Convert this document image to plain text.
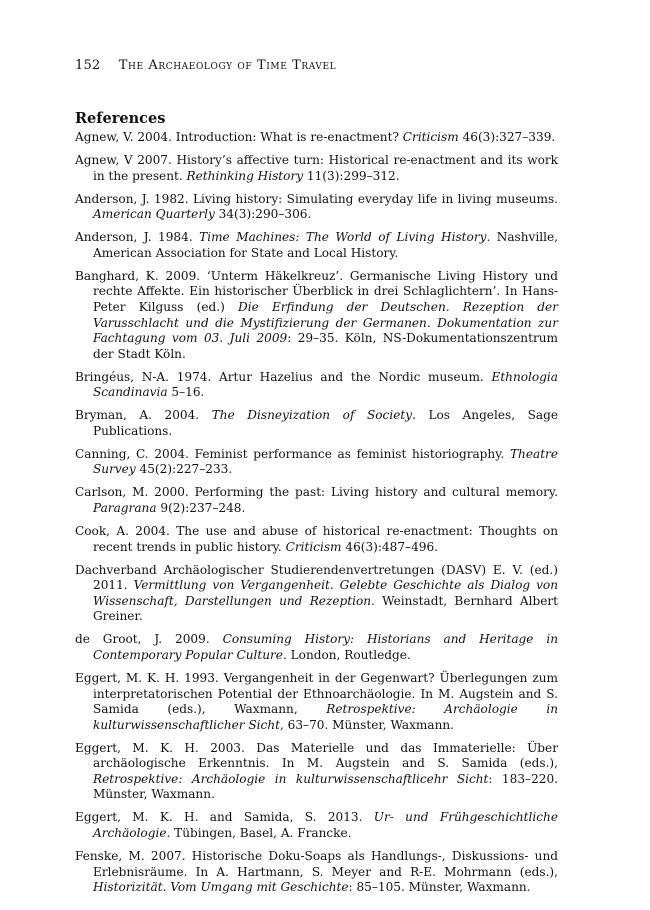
152 The Archaeology of Time Travel
References
Agnew, V. 2004. Introduction: What is re-enactment? Criticism 46(3):327–339.
Agnew, V 2007. History’s affective turn: Historical re-enactment and its work in the present. Rethinking History 11(3):299–312.
Anderson, J. 1982. Living history: Simulating everyday life in living museums. American Quarterly 34(3):290–306.
Anderson, J. 1984. Time Machines: The World of Living History. Nashville, American Association for State and Local History.
Banghard, K. 2009. ‘Unterm Häkelkreuz’. Germanische Living History und rechte Affekte. Ein historischer Überblick in drei Schlaglichtern’. In Hans-Peter Kilguss (ed.) Die Erfindung der Deutschen. Rezeption der Varusschlacht und die Mystifizierung der Germanen. Dokumentation zur Fachtagung vom 03. Juli 2009: 29–35. Köln, NS-Dokumentationszentrum der Stadt Köln.
Bringéus, N-A. 1974. Artur Hazelius and the Nordic museum. Ethnologia Scandinavia 5–16.
Bryman, A. 2004. The Disneyization of Society. Los Angeles, Sage Publications.
Canning, C. 2004. Feminist performance as feminist historiography. Theatre Survey 45(2):227–233.
Carlson, M. 2000. Performing the past: Living history and cultural memory. Paragrana 9(2):237–248.
Cook, A. 2004. The use and abuse of historical re-enactment: Thoughts on recent trends in public history. Criticism 46(3):487–496.
Dachverband Archäologischer Studierendenvertretungen (DASV) E. V. (ed.) 2011. Vermittlung von Vergangenheit. Gelebte Geschichte als Dialog von Wissenschaft, Darstellungen und Rezeption. Weinstadt, Bernhard Albert Greiner.
de Groot, J. 2009. Consuming History: Historians and Heritage in Contemporary Popular Culture. London, Routledge.
Eggert, M. K. H. 1993. Vergangenheit in der Gegenwart? Überlegungen zum interpretatorischen Potential der Ethnoarchäologie. In M. Augstein and S. Samida (eds.), Waxmann, Retrospektive: Archäologie in kulturwissenschaftlicher Sicht, 63–70. Münster, Waxmann.
Eggert, M. K. H. 2003. Das Materielle und das Immaterielle: Über archäologische Erkenntnis. In M. Augstein and S. Samida (eds.), Retrospektive: Archäologie in kulturwissenschaftlicehr Sicht: 183–220. Münster, Waxmann.
Eggert, M. K. H. and Samida, S. 2013. Ur- und Frühgeschichtliche Archäologie. Tübingen, Basel, A. Francke.
Fenske, M. 2007. Historische Doku-Soaps als Handlungs-, Diskussions- und Erlebnisräume. In A. Hartmann, S. Meyer and R-E. Mohrmann (eds.), Historizität. Vom Umgang mit Geschichte: 85–105. Münster, Waxmann.
